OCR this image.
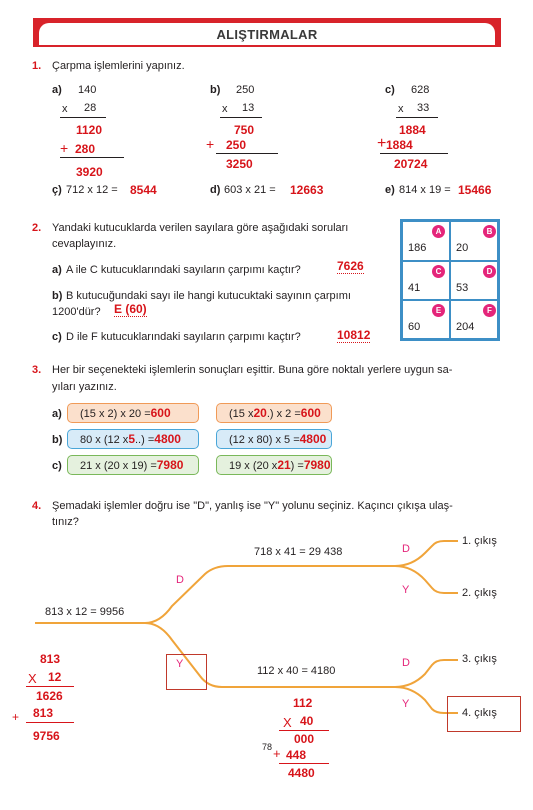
ALIŞTIRMALAR
1. Çarpma işlemlerini yapınız.
a) 140
x 28
1120
+ 280
3920
b) 250
x 13
750
+ 250
3250
c) 628
x 33
1884
+ 1884
20724
ç) 712 x 12 = 8544	d) 603 x 21 = 12663	e) 814 x 19 = 15466
2. Yandaki kutucuklarda verilen sayılara göre aşağıdaki soruları
cevaplayınız.
a) A ile C kutucuklarındaki sayıların çarpımı kaçtır?	7626
b) B kutucuğundaki sayı ile hangi kutucuktaki sayının çarpımı
1200'dür? E (60)
c) D ile F kutucuklarındaki sayıların çarpımı kaçtır?	10812
A
186
B
20
C
41
D
53
E
60
F
204
3. Her bir seçenekteki işlemlerin sonuçları eşittir. Buna göre noktalı yerlere uygun sa-
yıları yazınız.
a)	(15 x 2) x 20 =600	(15 x20.) x 2 =600
b)	80 x (12 x5..) =4800	(12 x 80) x 5 =4800
c)	21 x (20 x 19) =7980	19 x (20 x21) =7980
4. Şemadaki işlemler doğru ise "D", yanlış ise "Y" yolunu seçiniz. Kaçıncı çıkışa ulaş-
tınız?
813 x 12 = 9956
718 x 41 = 29 438
112 x 40 = 4180
D
Y
D
Y
D
Y
1. çıkış
2. çıkış
3. çıkış
4. çıkış
813
X 12
1626
+ 813
9756
112
X 40
000
78 + 448
4480
